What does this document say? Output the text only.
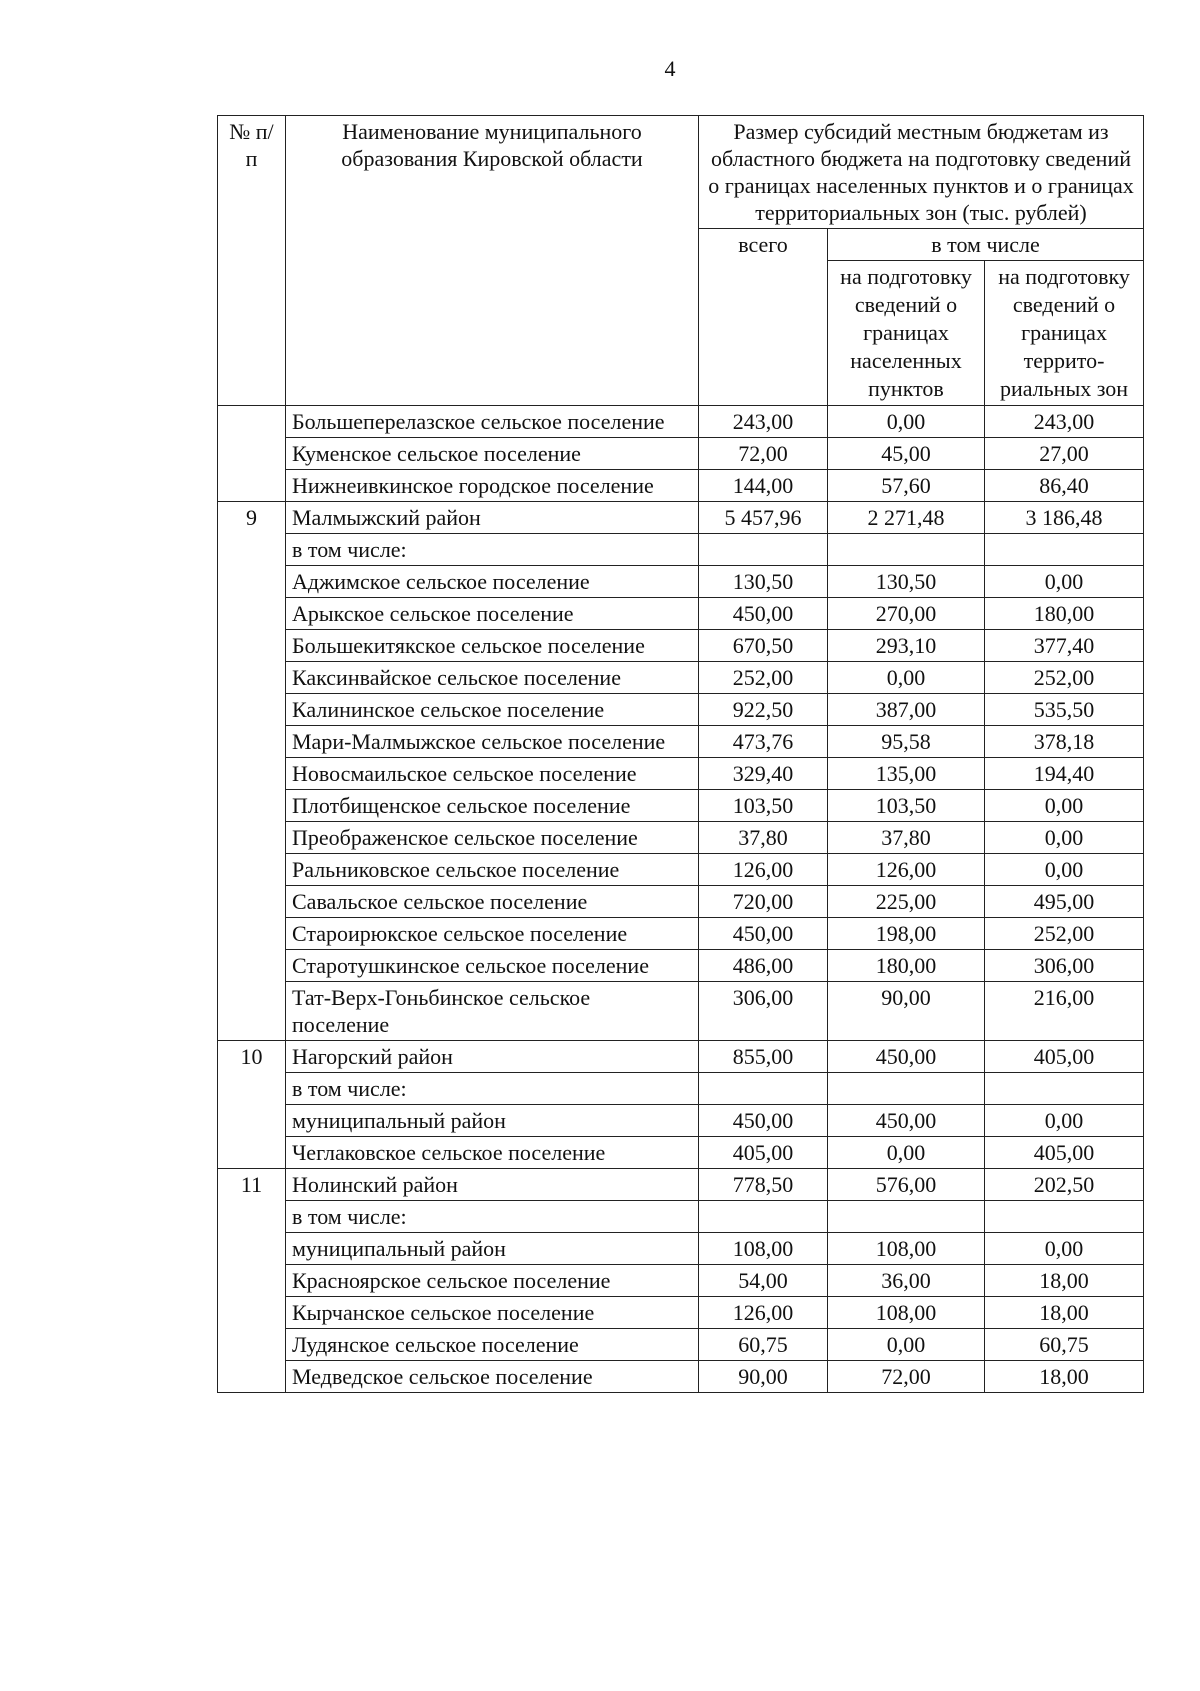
4
№ п/п	Наименование муниципального образования Кировской области	Размер субсидий местным бюджетам из областного бюджета на подготовку сведений о границах населенных пунктов и о границах территориальных зон (тыс. рублей)		
		всего	в том числе	
			на подготовку сведений о границах населенных пунктов	на подготовку сведений о границах террито-риальных зон
	Большеперелазское сельское поселение	243,00	0,00	243,00
	Куменское сельское поселение	72,00	45,00	27,00
	Нижнеивкинское городское поселение	144,00	57,60	86,40
9	Малмыжский район	5 457,96	2 271,48	3 186,48
	в том числе:			
	Аджимское сельское поселение	130,50	130,50	0,00
	Арыкское сельское поселение	450,00	270,00	180,00
	Большекитякское сельское поселение	670,50	293,10	377,40
	Каксинвайское сельское поселение	252,00	0,00	252,00
	Калининское сельское поселение	922,50	387,00	535,50
	Мари-Малмыжское сельское поселение	473,76	95,58	378,18
	Новосмаильское сельское поселение	329,40	135,00	194,40
	Плотбищенское сельское поселение	103,50	103,50	0,00
	Преображенское сельское поселение	37,80	37,80	0,00
	Ральниковское сельское поселение	126,00	126,00	0,00
	Савальское сельское поселение	720,00	225,00	495,00
	Староирюкское сельское поселение	450,00	198,00	252,00
	Старотушкинское сельское поселение	486,00	180,00	306,00
	Тат-Верх-Гоньбинское сельское поселение	306,00	90,00	216,00
10	Нагорский район	855,00	450,00	405,00
	в том числе:			
	муниципальный район	450,00	450,00	0,00
	Чеглаковское сельское поселение	405,00	0,00	405,00
11	Нолинский район	778,50	576,00	202,50
	в том числе:			
	муниципальный район	108,00	108,00	0,00
	Красноярское сельское поселение	54,00	36,00	18,00
	Кырчанское сельское поселение	126,00	108,00	18,00
	Лудянское сельское поселение	60,75	0,00	60,75
	Медведское сельское поселение	90,00	72,00	18,00
